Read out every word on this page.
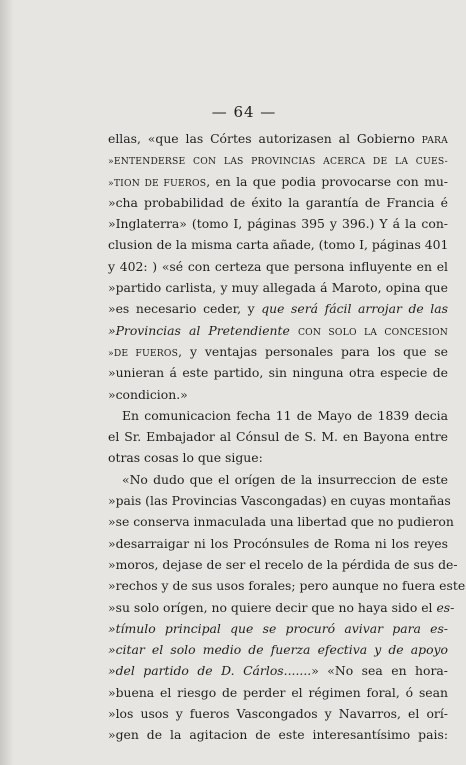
— 64 —
ellas, «que las Córtes autorizasen al Gobierno PARA
»ENTENDERSE CON LAS PROVINCIAS ACERCA DE LA CUES-
»TION DE FUEROS, en la que podia provocarse con mu-
»cha probabilidad de éxito la garantía de Francia é
»Inglaterra» (tomo I, páginas 395 y 396.) Y á la con-
clusion de la misma carta añade, (tomo I, páginas 401
y 402: ) «sé con certeza que persona influyente en el
»partido carlista, y muy allegada á Maroto, opina que
»es necesario ceder, y que será fácil arrojar de las
»Provincias al Pretendiente CON SOLO LA CONCESION
»DE FUEROS, y ventajas personales para los que se
»unieran á este partido, sin ninguna otra especie de
»condicion.»
En comunicacion fecha 11 de Mayo de 1839 decia
el Sr. Embajador al Cónsul de S. M. en Bayona entre
otras cosas lo que sigue:
«No dudo que el orígen de la insurreccion de este
»pais (las Provincias Vascongadas) en cuyas montañas
»se conserva inmaculada una libertad que no pudieron
»desarraigar ni los Procónsules de Roma ni los reyes
»moros, dejase de ser el recelo de la pérdida de sus de-
»rechos y de sus usos forales; pero aunque no fuera este
»su solo orígen, no quiere decir que no haya sido el es-
»tímulo principal que se procuró avivar para es-
»citar el solo medio de fuerza efectiva y de apoyo
»del partido de D. Cárlos.......» «No sea en hora-
»buena el riesgo de perder el régimen foral, ó sean
»los usos y fueros Vascongados y Navarros, el orí-
»gen de la agitacion de este interesantísimo pais:
